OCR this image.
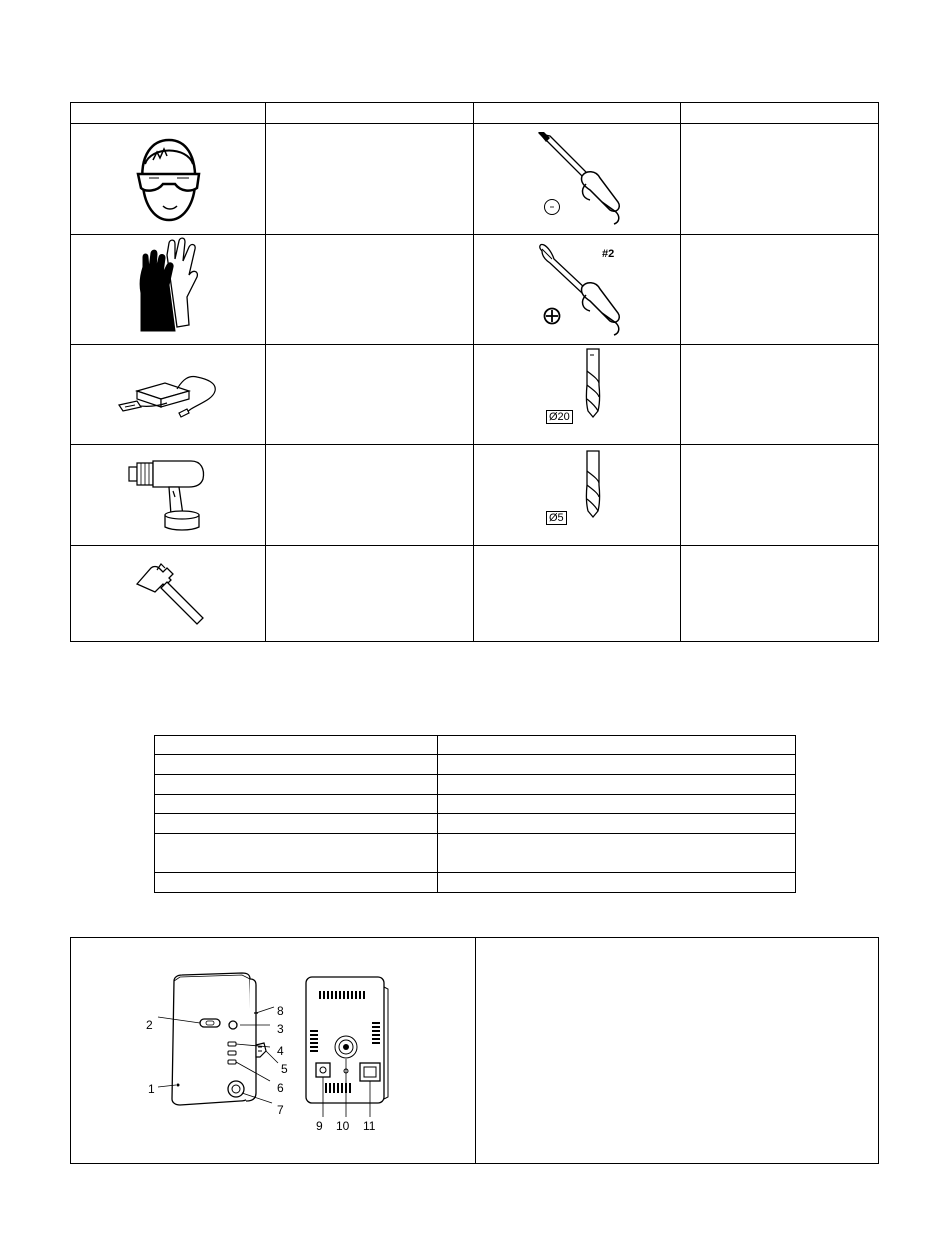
#2
Ø20
Ø5
1
2	3
4
5
6
7
8
9 10 11
